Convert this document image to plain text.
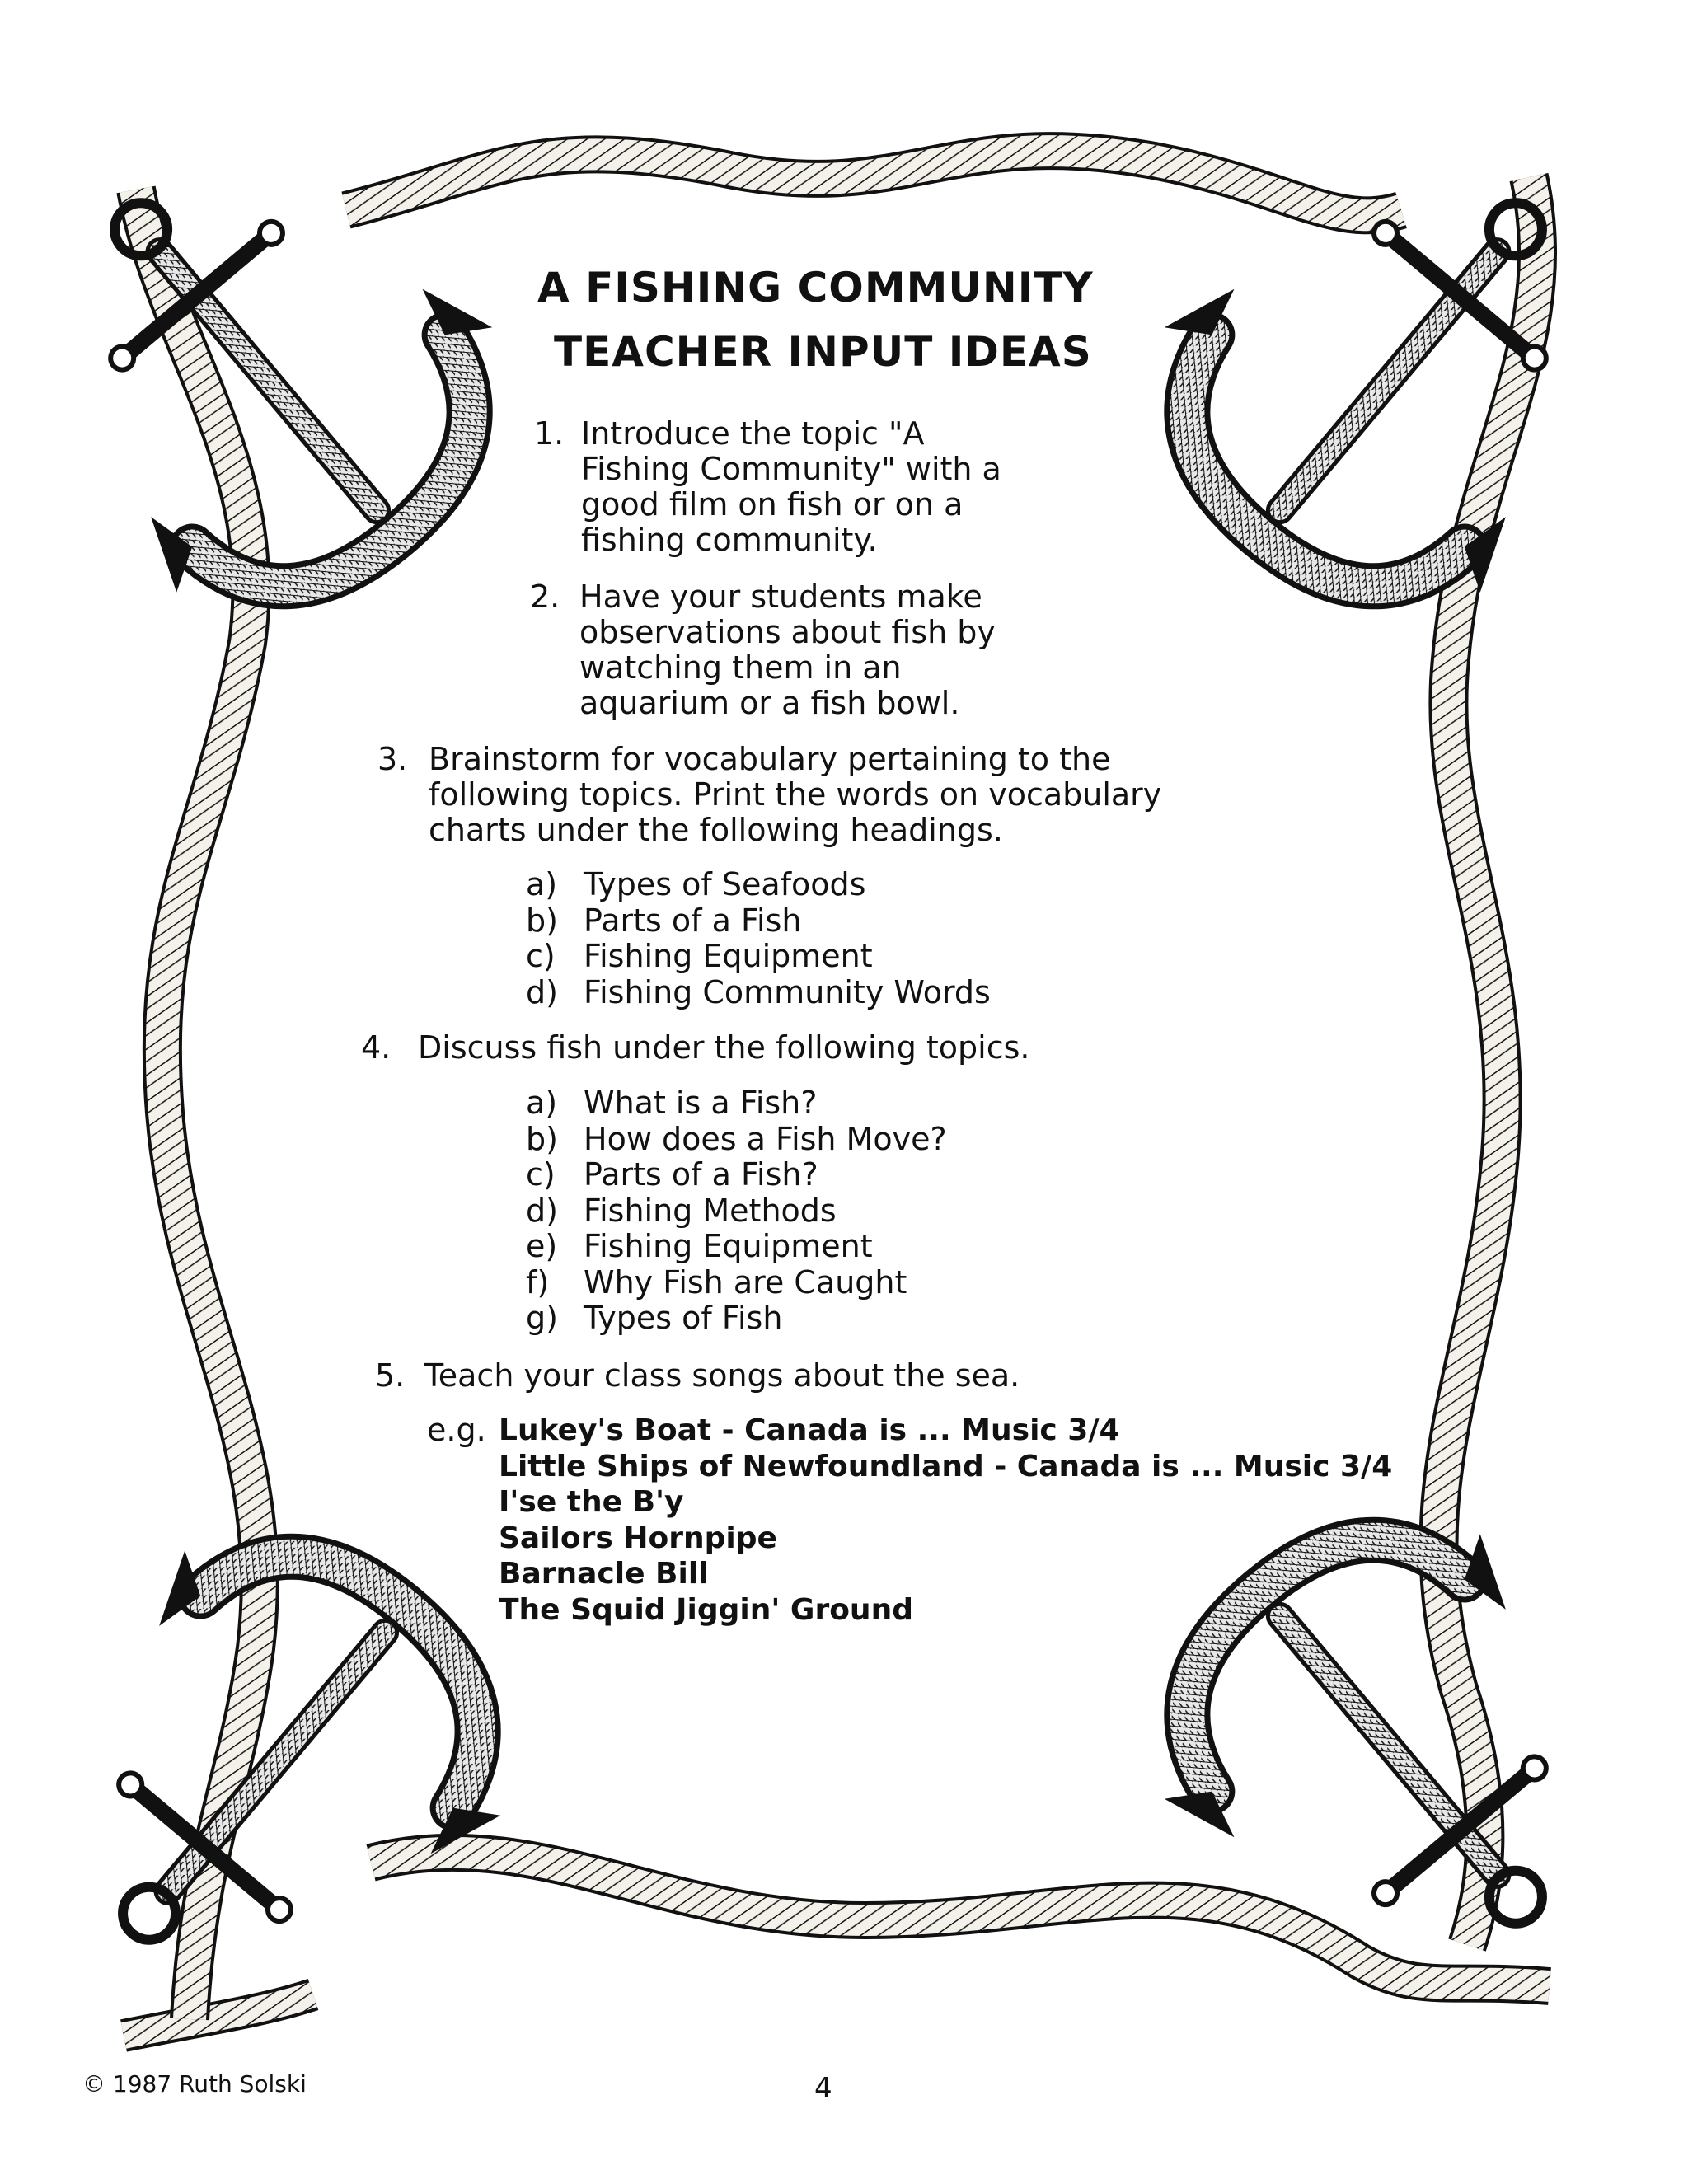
A FISHING COMMUNITY
TEACHER INPUT IDEAS
1. Introduce the topic "A
Fishing Community" with a
good film on fish or on a
fishing community.
2. Have your students make
observations about fish by
watching them in an
aquarium or a fish bowl.
3. Brainstorm for vocabulary pertaining to the
following topics. Print the words on vocabulary
charts under the following headings.
a) Types of Seafoods
b) Parts of a Fish
c) Fishing Equipment
d) Fishing Community Words
4. Discuss fish under the following topics.
a) What is a Fish?
b) How does a Fish Move?
c) Parts of a Fish?
d) Fishing Methods
e) Fishing Equipment
f) Why Fish are Caught
g) Types of Fish
5. Teach your class songs about the sea.
e.g. Lukey's Boat - Canada is ... Music 3/4
Little Ships of Newfoundland - Canada is ... Music 3/4
I'se the B'y
Sailors Hornpipe
Barnacle Bill
The Squid Jiggin' Ground
© 1987 Ruth Solski	4
